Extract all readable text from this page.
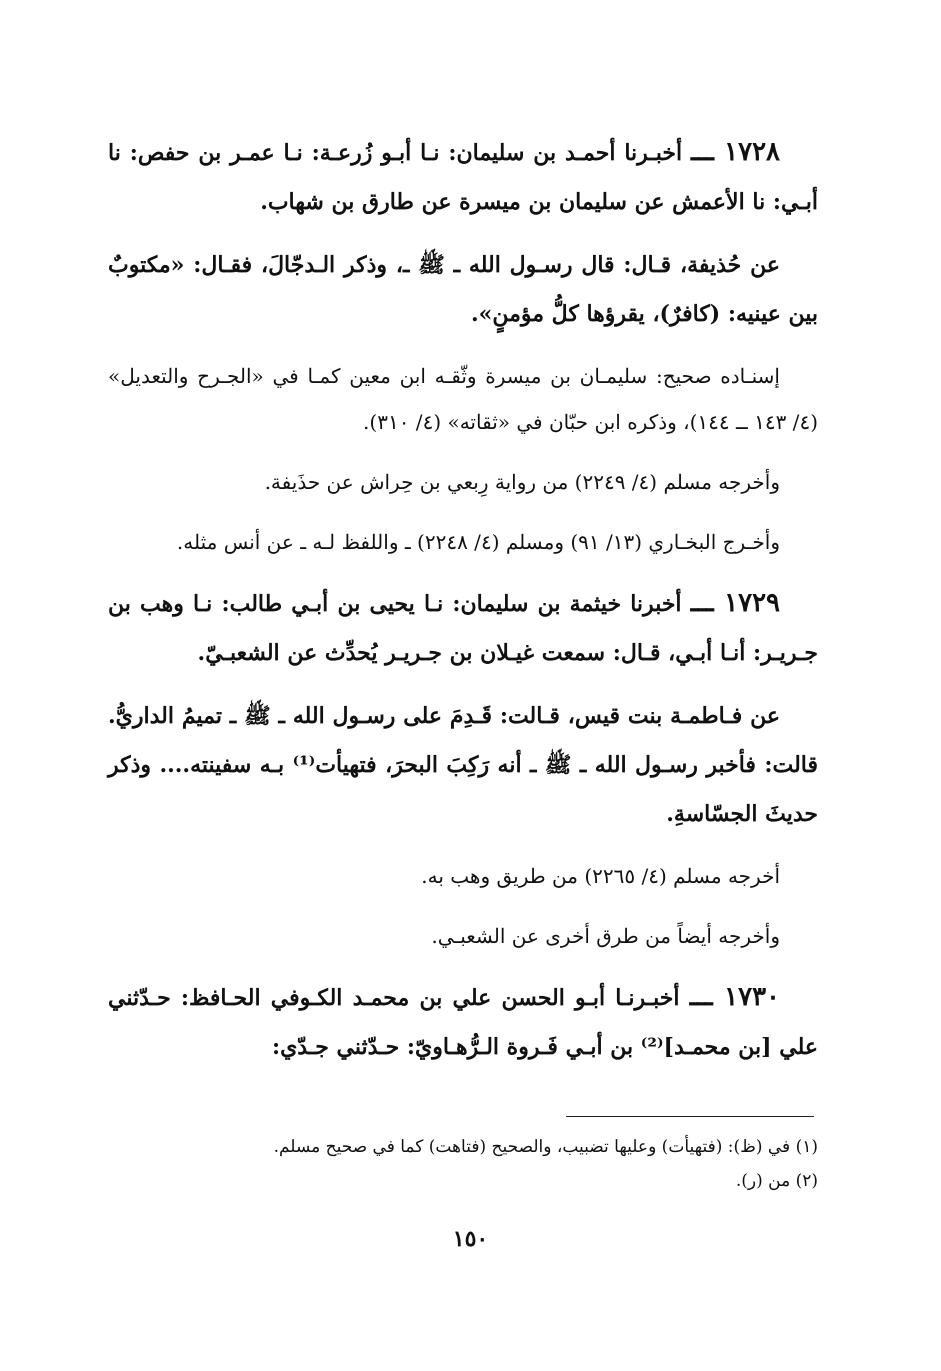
١٧٢٨ ـــ أخبـرنا أحمـد بن سليمان: نـا أبـو زُرعـة: نـا عمـر بن حفص: نا أبـي: نا الأعمش عن سليمان بن ميسرة عن طارق بن شهاب.

عن حُذيفة، قـال: قال رسـول الله ـ ﷺ ـ، وذكر الـدجّالَ، فقـال: «مكتوبٌ بين عينيه: (كافرٌ)، يقرؤها كلُّ مؤمنٍ».

إسنـاده صحيح: سليمـان بن ميسرة وثّقـه ابن معين كمـا في «الجـرح والتعديل» (٤/ ١٤٣ ــ ١٤٤)، وذكره ابن حبّان في «ثقاته» (٤/ ٣١٠).

وأخرجه مسلم (٤/ ٢٢٤٩) من رواية رِبعي بن حِراش عن حذَيفة.

وأخـرج البخـاري (١٣/ ٩١) ومسلم (٤/ ٢٢٤٨) ـ واللفظ لـه ـ عن أنس مثله.

١٧٢٩ ـــ أخبرنا خيثمة بن سليمان: نـا يحيى بن أبـي طالب: نـا وهب بن جـريـر: أنـا أبـي، قـال: سمعت غيـلان بن جـريـر يُحدِّث عن الشعبـيّ.

عن فـاطمـة بنت قيس، قـالت: قَـدِمَ على رسـول الله ـ ﷺ ـ تميمُ الداريُّ. قالت: فأخبر رسـول الله ـ ﷺ ـ أنه رَكِبَ البحرَ، فتهيأت⁽¹⁾ بـه سفينته.... وذكر حديثَ الجسّاسةِ.

أخرجه مسلم (٤/ ٢٢٦٥) من طريق وهب به.

وأخرجه أيضاً من طرق أخرى عن الشعبـي.

١٧٣٠ ـــ أخبـرنـا أبـو الحسن علي بن محمـد الكـوفي الحـافظ: حـدّثني علي [بن محمـد]⁽²⁾ بن أبـي فَـروة الـرُّهـاويّ: حـدّثني جـدّي:

(١) في (ظ): (فتهيأت) وعليها تضبيب، والصحيح (فتاهت) كما في صحيح مسلم.

(٢) من (ر).

١٥٠
